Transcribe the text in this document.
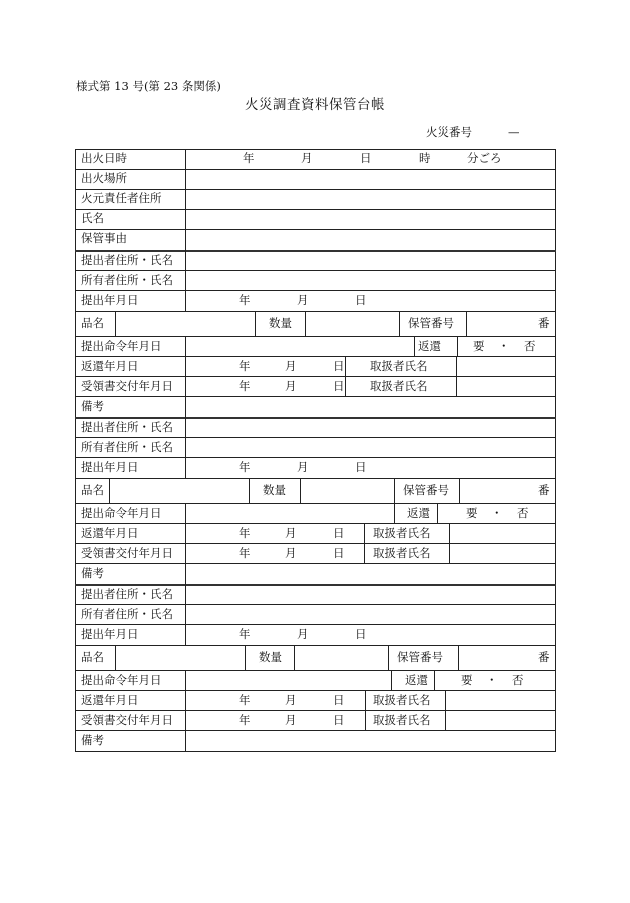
様式第 13 号(第 23 条関係)
火災調査資料保管台帳
火災番号	—
出火日時	年	月	日	時	分ごろ
出火場所
火元責任者住所
氏名
保管事由
提出者住所・氏名
所有者住所・氏名
提出年月日	年	月	日
品名	数量	保管番号	番
提出命令年月日	返還	要 ・ 否
返還年月日	年	月	日 取扱者氏名
受領書交付年月日	年	月	日 取扱者氏名
備考
提出者住所・氏名
所有者住所・氏名
提出年月日	年	月	日
品名	数量	保管番号	番
提出命令年月日	返還	要 ・ 否
返還年月日	年	月	日 取扱者氏名
受領書交付年月日	年	月	日 取扱者氏名
備考
提出者住所・氏名
所有者住所・氏名
提出年月日	年	月	日
品名	数量	保管番号	番
提出命令年月日	返還	要 ・ 否
返還年月日	年	月	日 取扱者氏名
受領書交付年月日	年	月	日 取扱者氏名
備考
